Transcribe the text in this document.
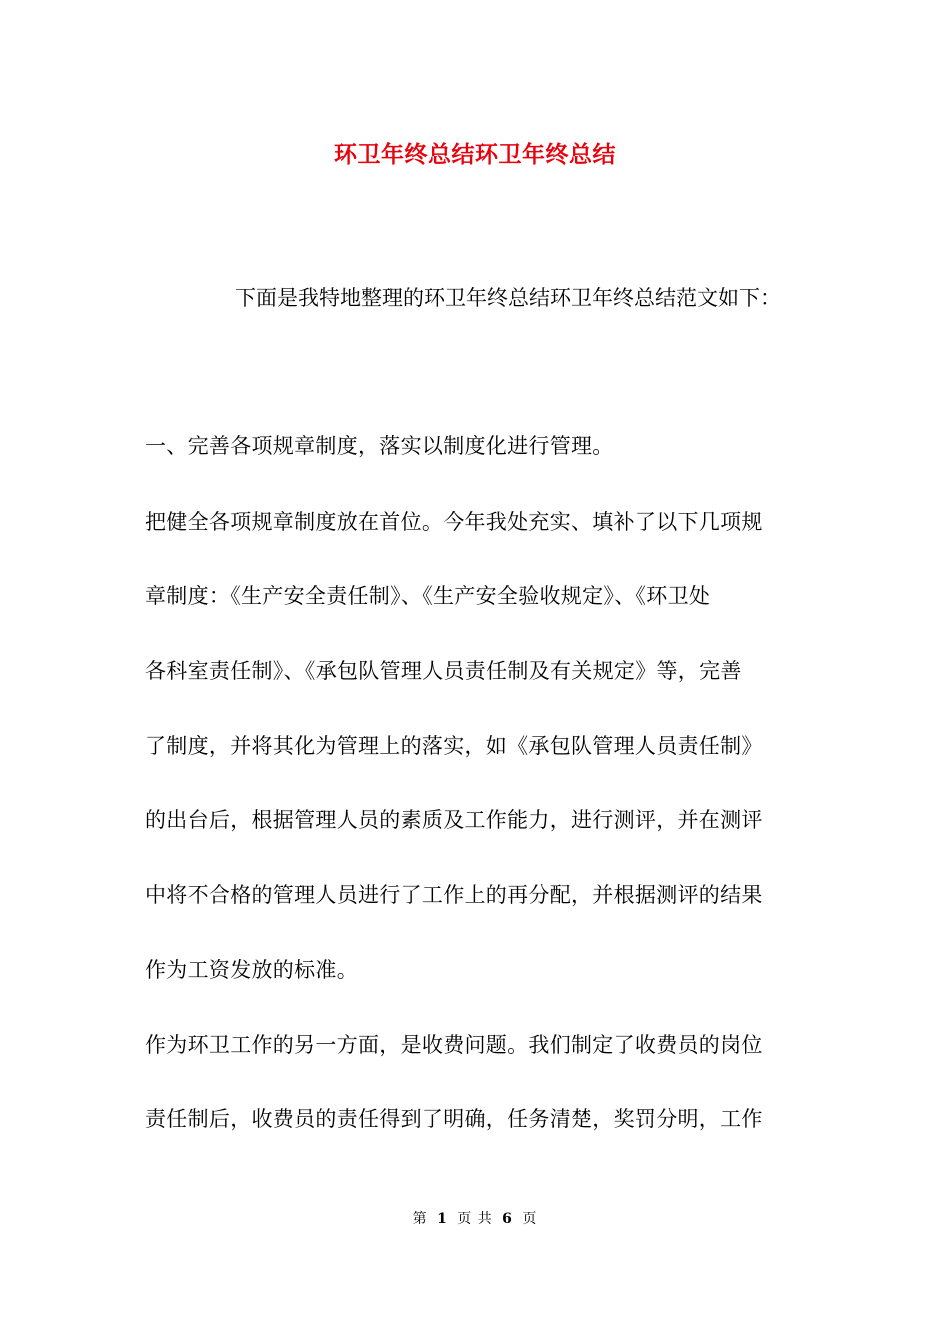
环卫年终总结环卫年终总结
下面是我特地整理的环卫年终总结环卫年终总结范文如下：
一、完善各项规章制度，落实以制度化进行管理。
把健全各项规章制度放在首位。今年我处充实、填补了以下几项规
章制度：《生产安全责任制》、《生产安全验收规定》、《环卫处
各科室责任制》、《承包队管理人员责任制及有关规定》等，完善
了制度，并将其化为管理上的落实，如《承包队管理人员责任制》
的出台后，根据管理人员的素质及工作能力，进行测评，并在测评
中将不合格的管理人员进行了工作上的再分配，并根据测评的结果
作为工资发放的标准。
作为环卫工作的另一方面，是收费问题。我们制定了收费员的岗位
责任制后，收费员的责任得到了明确，任务清楚，奖罚分明，工作
第 1 页 共 6 页
